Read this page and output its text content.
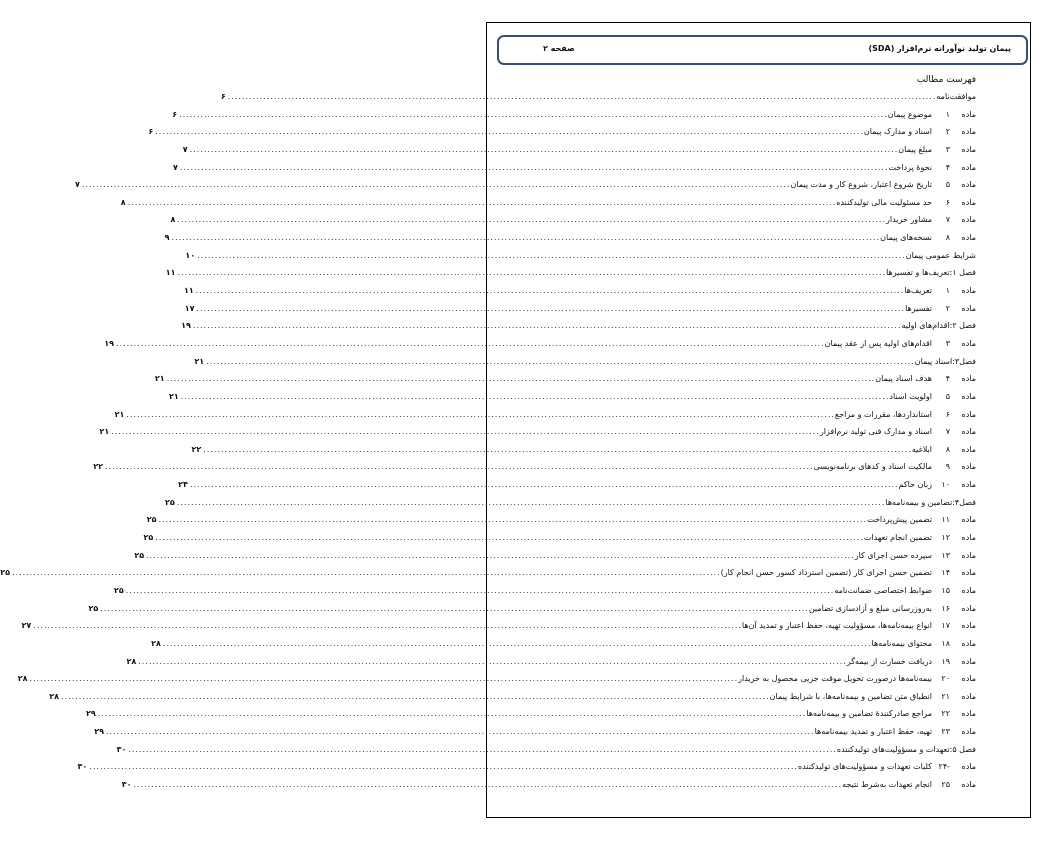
پیمان تولید نوآورانه نرم‌افزار (SDA)
صفحه ۲
فهرست مطالب
موافقت‌نامه
........................................................................................................................................................................................................
۶
ماده
۱
موضوع پیمان
........................................................................................................................................................................................................
۶
ماده
۲
اسناد و مدارک پیمان
........................................................................................................................................................................................................
۶
ماده
۳
مبلغ پیمان
........................................................................................................................................................................................................
۷
ماده
۴
نحوۀ پرداخت
........................................................................................................................................................................................................
۷
ماده
۵
تاریخ شروع اعتبار، شروع کار و مدت پیمان
........................................................................................................................................................................................................
۷
ماده
۶
حد مسئولیت مالی تولیدکننده
........................................................................................................................................................................................................
۸
ماده
۷
مشاور خریدار
........................................................................................................................................................................................................
۸
ماده
۸
نسخه‌های پیمان
........................................................................................................................................................................................................
۹
شرایط عمومی پیمان
........................................................................................................................................................................................................
۱۰
فصل ۱:
تعریف‌ها و تفسیرها
........................................................................................................................................................................................................
۱۱
ماده
۱
تعریف‌ها
........................................................................................................................................................................................................
۱۱
ماده
۲
تفسیرها
........................................................................................................................................................................................................
۱۷
فصل ۲:
اقدام‌های اولیه
........................................................................................................................................................................................................
۱۹
ماده
۳
اقدام‌های اولیه پس از عقد پیمان
........................................................................................................................................................................................................
۱۹
فصل۳:
اسناد پیمان
........................................................................................................................................................................................................
۲۱
ماده
۴
هدف اسناد پیمان
........................................................................................................................................................................................................
۲۱
ماده
۵
اولویت اسناد
........................................................................................................................................................................................................
۲۱
ماده
۶
استانداردها، مقررات و مراجع
........................................................................................................................................................................................................
۲۱
ماده
۷
اسناد و مدارک فنی تولید نرم‌افزار
........................................................................................................................................................................................................
۲۱
ماده
۸
ابلاغیه
........................................................................................................................................................................................................
۲۲
ماده
۹
مالکیت اسناد و کدهای برنامه‌نویسی
........................................................................................................................................................................................................
۲۲
ماده
۱۰
زبان حاکم
........................................................................................................................................................................................................
۲۴
فصل۴:
تضامین و بیمه‌نامه‌ها
........................................................................................................................................................................................................
۲۵
ماده
۱۱
تضمین پیش‌پرداخت
........................................................................................................................................................................................................
۲۵
ماده
۱۲
تضمین انجام تعهدات
........................................................................................................................................................................................................
۲۵
ماده
۱۳
سپرده حسن اجرای کار
........................................................................................................................................................................................................
۲۵
ماده
۱۴
تضمین حسن اجرای کار (تضمین استرداد کسور حسن انجام کار)
........................................................................................................................................................................................................
۲۵
ماده
۱۵
ضوابط اختصاصی ضمانت‌نامه
........................................................................................................................................................................................................
۲۵
ماده
۱۶
به‌روزرسانی مبلغ و آزادسازی تضامین
........................................................................................................................................................................................................
۲۵
ماده
۱۷
انواع بیمه‌نامه‌ها، مسؤولیت تهیه، حفظ اعتبار و تمدید آن‌ها
........................................................................................................................................................................................................
۲۷
ماده
۱۸
محتوای بیمه‌نامه‌ها
........................................................................................................................................................................................................
۲۸
ماده
۱۹
دریافت خسارت از بیمه‌گر
........................................................................................................................................................................................................
۲۸
ماده
۲۰
بیمه‌نامه‌ها درصورت تحویل موقت جزیی محصول به خریدار
........................................................................................................................................................................................................
۲۸
ماده
۲۱
انطباق متن تضامین و بیمه‌نامه‌ها، با شرایط پیمان
........................................................................................................................................................................................................
۲۸
ماده
۲۲
مراجع صادرکنندۀ تضامین و بیمه‌نامه‌ها
........................................................................................................................................................................................................
۲۹
ماده
۲۳
تهیه، حفظ اعتبار و تمدید بیمه‌نامه‌ها
........................................................................................................................................................................................................
۲۹
فصل ۵:
تعهدات و مسؤولیت‌های تولیدکننده
........................................................................................................................................................................................................
۳۰
ماده
-۲۴
کلیات تعهدات و مسؤولیت‌های تولیدکننده
........................................................................................................................................................................................................
۳۰
ماده
۲۵
انجام تعهدات به‌شرط نتیجه
........................................................................................................................................................................................................
۳۰
